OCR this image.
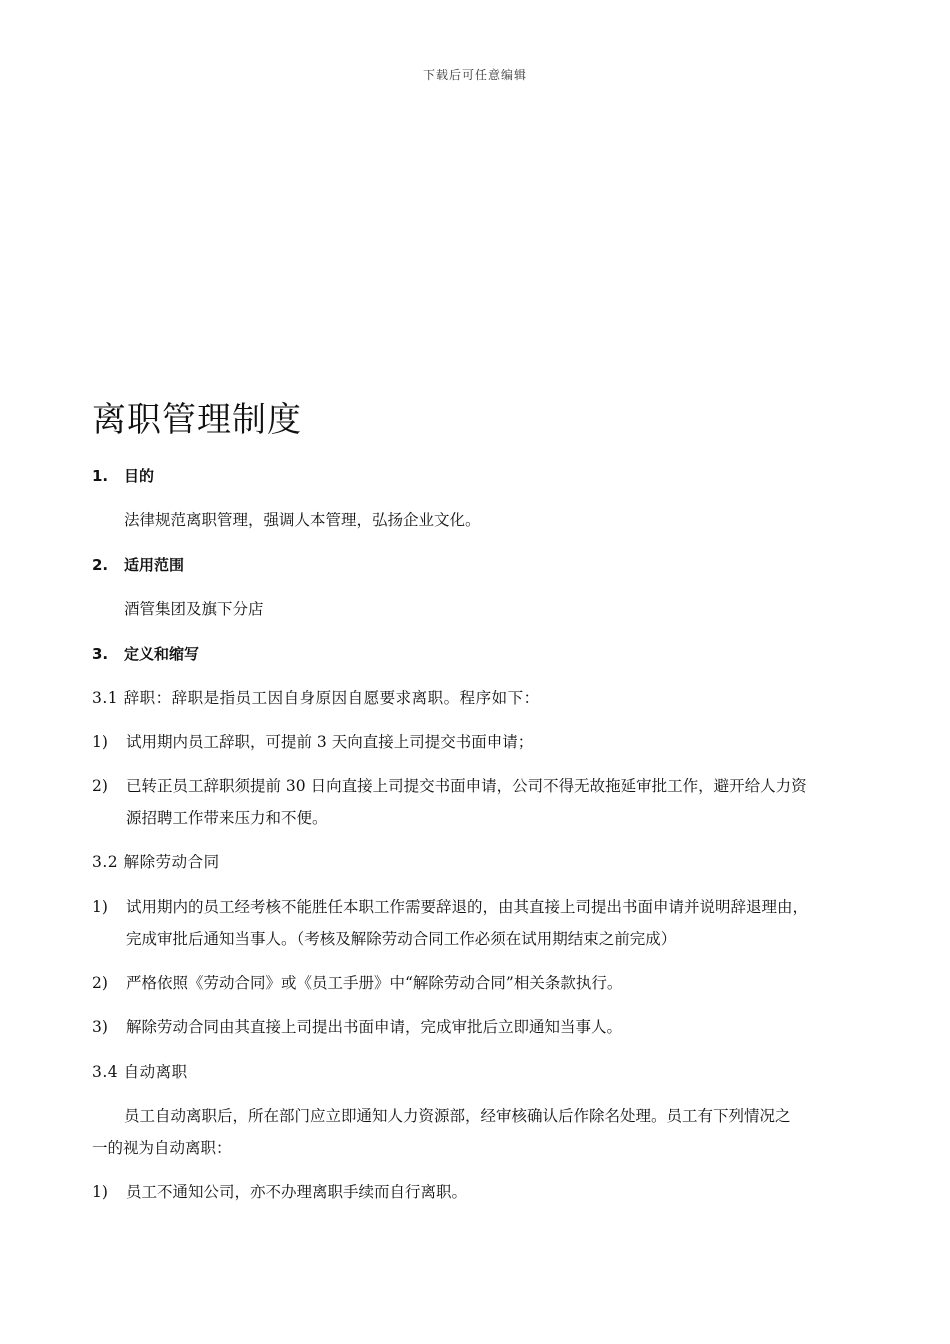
下载后可任意编辑
离职管理制度
1. 目的
法律规范离职管理，强调人本管理，弘扬企业文化。
2. 适用范围
酒管集团及旗下分店
3. 定义和缩写
3.1 辞职：辞职是指员工因自身原因自愿要求离职。程序如下：
1) 试用期内员工辞职，可提前 3 天向直接上司提交书面申请；
2) 已转正员工辞职须提前 30 日向直接上司提交书面申请，公司不得无故拖延审批工作，避开给人力资
源招聘工作带来压力和不便。
3.2 解除劳动合同
1) 试用期内的员工经考核不能胜任本职工作需要辞退的，由其直接上司提出书面申请并说明辞退理由，
完成审批后通知当事人。（考核及解除劳动合同工作必须在试用期结束之前完成）
2) 严格依照《劳动合同》或《员工手册》中“解除劳动合同”相关条款执行。
3) 解除劳动合同由其直接上司提出书面申请，完成审批后立即通知当事人。
3.4 自动离职
员工自动离职后，所在部门应立即通知人力资源部，经审核确认后作除名处理。员工有下列情况之
一的视为自动离职：
1) 员工不通知公司，亦不办理离职手续而自行离职。
